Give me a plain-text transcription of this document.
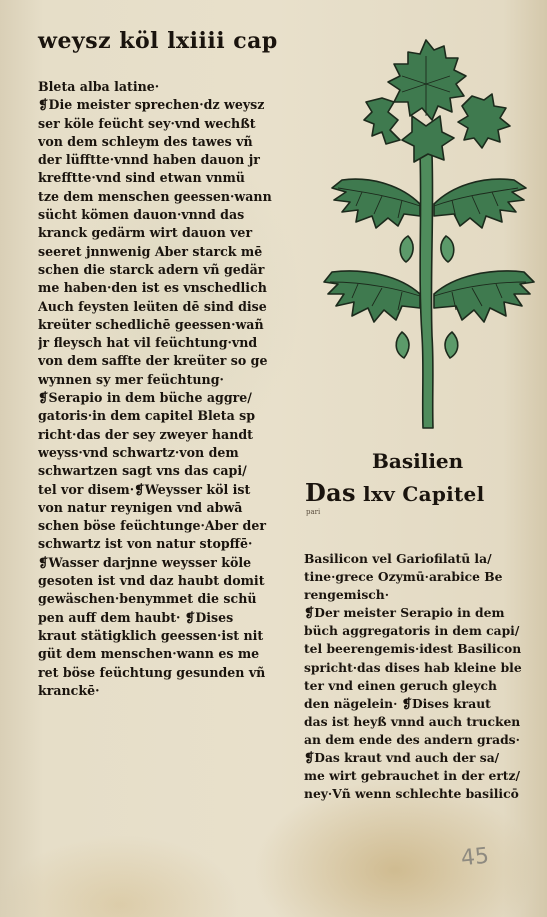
weysz köl lxiiii cap
Bleta alba latine·
❡Die meister sprechen·dz weysz
ser köle feücht sey·vnd wechßt
von dem schleym des tawes vñ
der lüfftte·vnnd haben dauon jr
krefftte·vnd sind etwan vnmü
tze dem menschen geessen·wann
sücht kömen dauon·vnnd das
kranck gedärm wirt dauon ver
seeret jnnwenig Aber starck mē
schen die starck adern vñ gedär
me haben·den ist es vnschedlich
Auch feysten leüten dē sind dise
kreüter schedlichē geessen·wañ
jr fleysch hat vil feüchtung·vnd
von dem saffte der kreüter so ge
wynnen sy mer feüchtung·
❡Serapio in dem büche aggre/
gatoris·in dem capitel Bleta sp
richt·das der sey zweyer handt
weyss·vnd schwartz·von dem
schwartzen sagt vns das capi/
tel vor disem·❡Weysser köl ist
von natur reynigen vnd abwā
schen böse feüchtunge·Aber der
schwartz ist von natur stopffē·
❡Wasser darjnne weysser köle
gesoten ist vnd daz haubt domit
gewäschen·benymmet die schü
pen auff dem haubt· ❡Dises
kraut stätigklich geessen·ist nit
güt dem menschen·wann es me
ret böse feüchtung gesunden vñ
kranckē·
Basilien
Das lxv Capitel
pari
Basilicon vel Gariofilatū la/
tine·grece Ozymū·arabice Be
rengemisch·
❡Der meister Serapio in dem
büch aggregatoris in dem capi/
tel beerengemis·idest Basilicon
spricht·das dises hab kleine ble
ter vnd einen geruch gleych
den nägelein· ❡Dises kraut
das ist heyß vnnd auch trucken
an dem ende des andern grads·
❡Das kraut vnd auch der sa/
me wirt gebrauchet in der ertz/
ney·Vñ wenn schlechte basilicō
45
